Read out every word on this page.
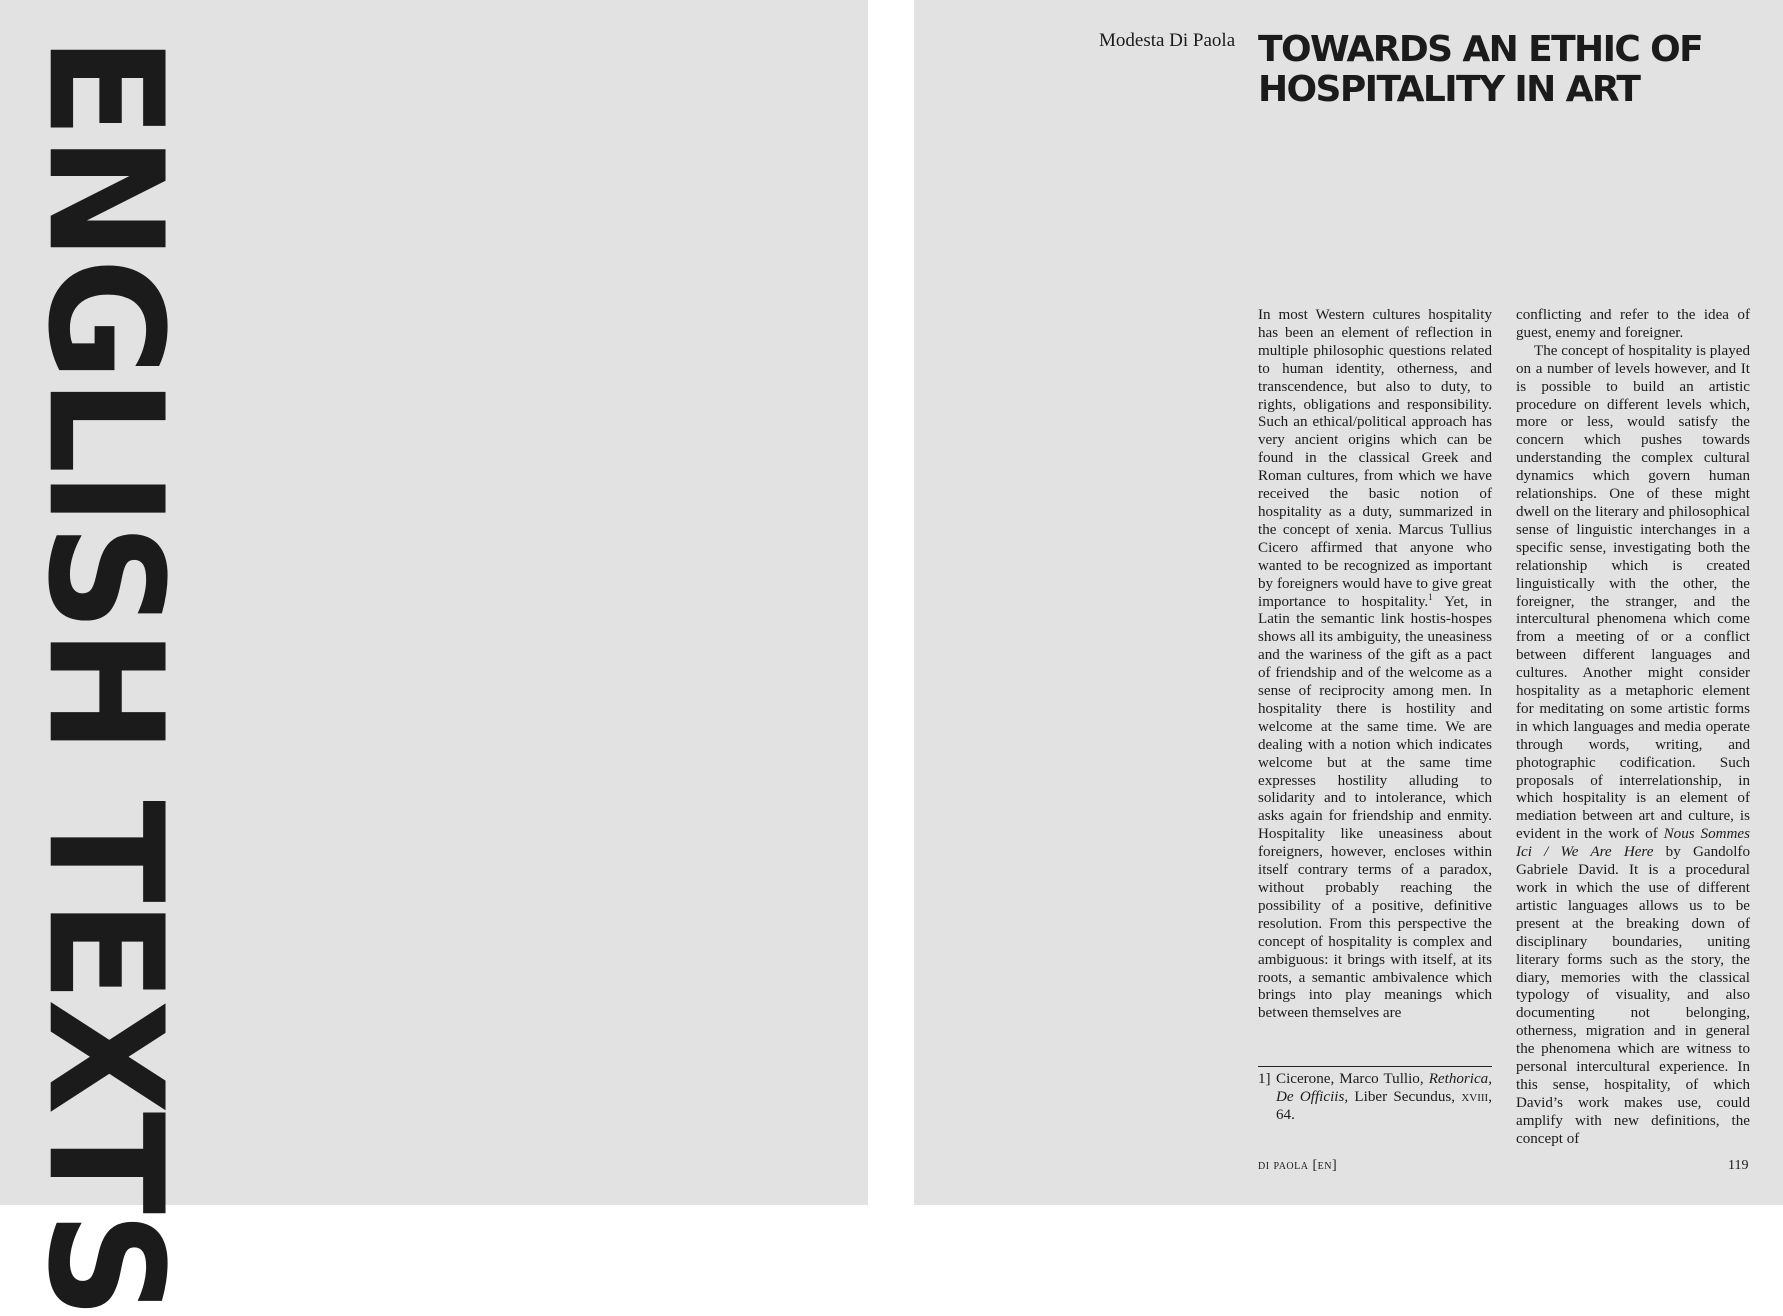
ENGLISH TEXTS	Modesta Di Paola TOWARDS AN ETHIC OF
HOSPITALITY IN ART

In most Western cultures hospitality has been an element of reflection in multiple philosophic questions related to human identity, otherness, and transcendence, but also to duty, to rights, obligations and responsibility. Such an ethical/political approach has very ancient origins which can be found in the classical Greek and Roman cultures, from which we have received the basic notion of hospitality as a duty, summarized in the concept of xenia. Marcus Tullius Cicero affirmed that anyone who wanted to be recognized as important by foreigners would have to give great importance to hospitality.$^1$ Yet, in Latin the semantic link hostis-hospes shows all its ambiguity, the uneasiness and the wariness of the gift as a pact of friendship and of the welcome as a sense of reciprocity among men. In hospitality there is hostility and welcome at the same time. We are dealing with a notion which indicates welcome but at the same time expresses hostility alluding to solidarity and to intolerance, which asks again for friendship and enmity. Hospitality like uneasiness about foreigners, however, encloses within itself contrary terms of a paradox, without probably reaching the possibility of a positive, definitive resolution. From this perspective the concept of hospitality is complex and ambiguous: it brings with itself, at its roots, a semantic ambivalence which brings into play meanings which between themselves are

conflicting and refer to the idea of guest, enemy and foreigner.

The concept of hospitality is played on a number of levels however, and It is possible to build an artistic procedure on different levels which, more or less, would satisfy the concern which pushes towards understanding the complex cultural dynamics which govern human relationships. One of these might dwell on the literary and philosophical sense of linguistic interchanges in a specific sense, investigating both the relationship which is created linguistically with the other, the foreigner, the stranger, and the intercultural phenomena which come from a meeting of or a conflict between different languages and cultures. Another might consider hospitality as a metaphoric element for meditating on some artistic forms in which languages and media operate through words, writing, and photographic codification. Such proposals of interrelationship, in which hospitality is an element of mediation between art and culture, is evident in the work of Nous Sommes Ici / We Are Here by Gandolfo Gabriele David. It is a procedural work in which the use of different artistic languages allows us to be present at the breaking down of disciplinary boundaries, uniting literary forms such as the story, the diary, memories with the classical typology of visuality, and also documenting not belonging, otherness, migration and in general the phenomena which are witness to personal intercultural experience. In this sense, hospitality, of which David’s work makes use, could amplify with new definitions, the concept of

1] Cicerone, Marco Tullio, Rethorica, De Officiis, Liber Secundus, xviii, 64.
di paola [en]	119
